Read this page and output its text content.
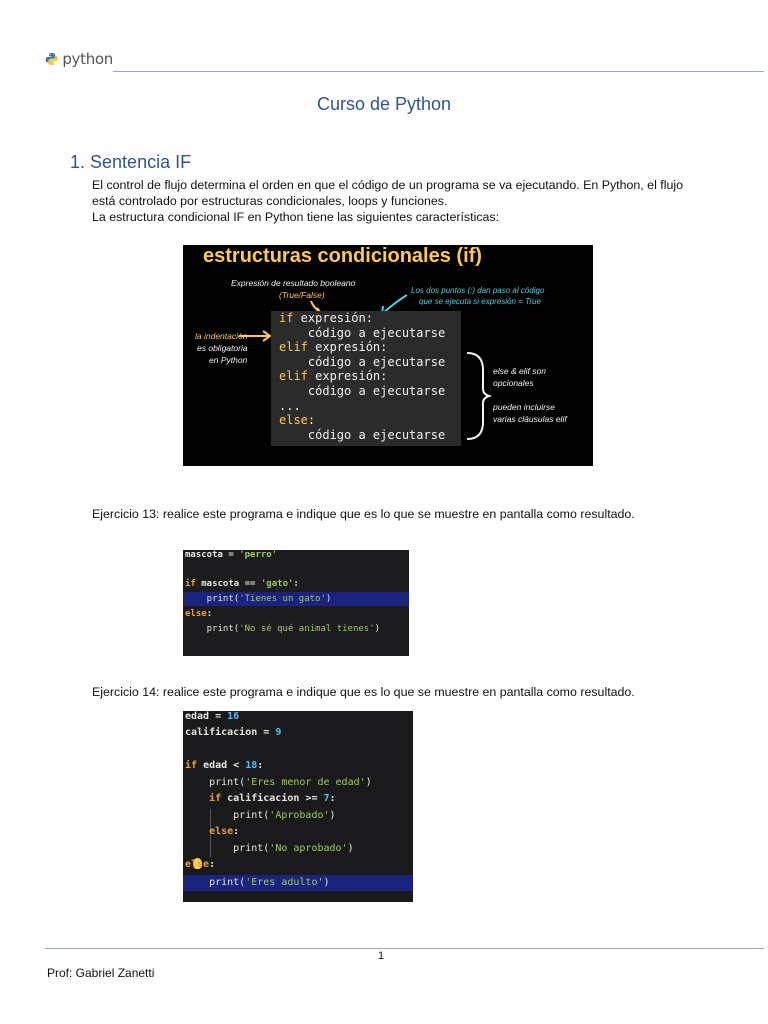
python
Curso de Python
1. Sentencia IF
El control de flujo determina el orden en que el código de un programa se va ejecutando. En Python, el flujo
está controlado por estructuras condicionales, loops y funciones.
La estructura condicional IF en Python tiene las siguientes características:
estructuras condicionales (if)
Expresión de resultado booleano
(True/False)	Los dos puntos (:) dan paso al código
que se ejecuta si expresión = True
la indentación
es obligatoria
en Python
else & elif son
opcionales
pueden incluirse
varias cláusulas elif
if expresión:
código a ejecutarse
elif expresión:
código a ejecutarse
elif expresión:
código a ejecutarse
...
else:
código a ejecutarse
Ejercicio 13: realice este programa e indique que es lo que se muestre en pantalla como resultado.
mascota = 'perro'
if mascota == 'gato':
print('Tienes un gato')
else:
print('No sé qué animal tienes')
Ejercicio 14: realice este programa e indique que es lo que se muestre en pantalla como resultado.
edad = 16
calificacion = 9
if edad < 18:
print('Eres menor de edad')
if calificacion >= 7:
print('Aprobado')
else:
print('No aprobado')
else:
print('Eres adulto')
1
Prof: Gabriel Zanetti
